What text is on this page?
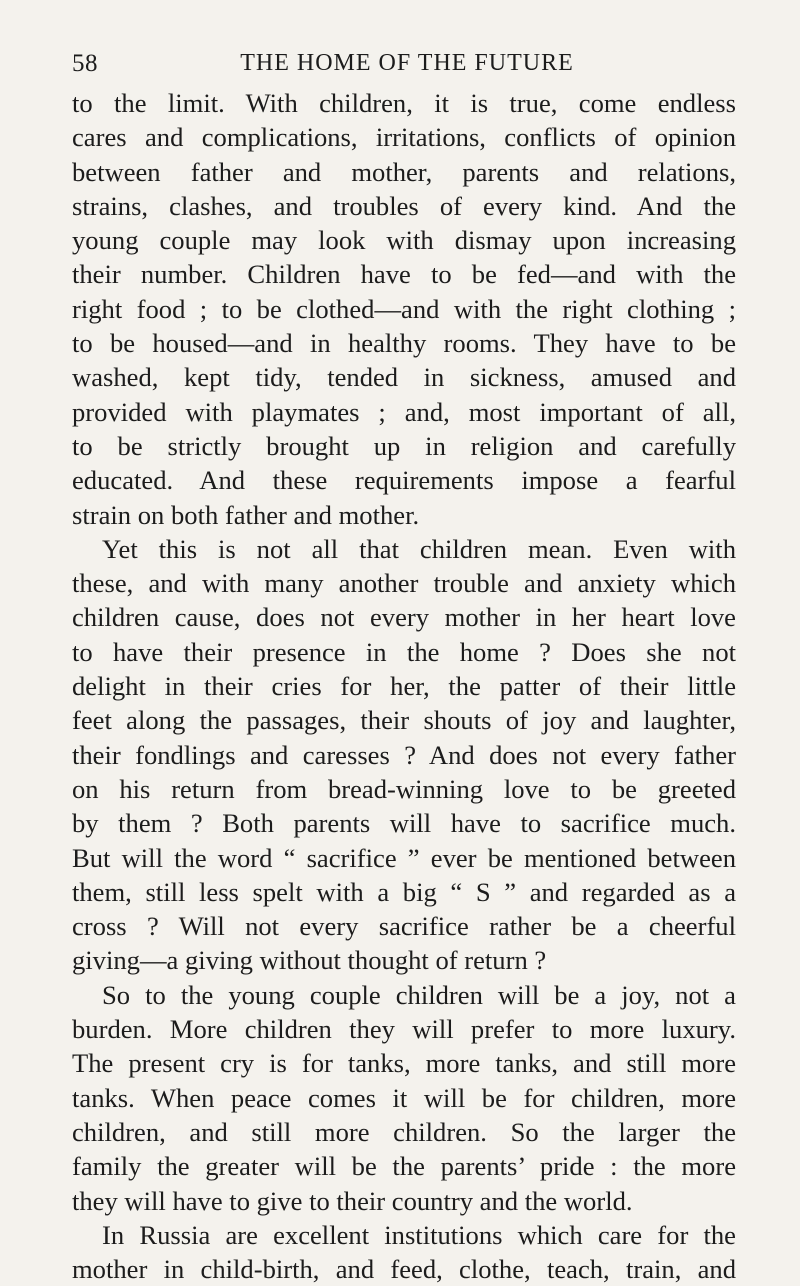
58	THE HOME OF THE FUTURE
to the limit. With children, it is true, come endless
cares and complications, irritations, conflicts of opinion
between father and mother, parents and relations,
strains, clashes, and troubles of every kind. And the
young couple may look with dismay upon increasing
their number. Children have to be fed—and with the
right food ; to be clothed—and with the right clothing ;
to be housed—and in healthy rooms. They have to be
washed, kept tidy, tended in sickness, amused and
provided with playmates ; and, most important of all,
to be strictly brought up in religion and carefully
educated. And these requirements impose a fearful
strain on both father and mother.
Yet this is not all that children mean. Even with
these, and with many another trouble and anxiety which
children cause, does not every mother in her heart love
to have their presence in the home ? Does she not
delight in their cries for her, the patter of their little
feet along the passages, their shouts of joy and laughter,
their fondlings and caresses ? And does not every father
on his return from bread-winning love to be greeted
by them ? Both parents will have to sacrifice much.
But will the word “ sacrifice ” ever be mentioned between
them, still less spelt with a big “ S ” and regarded as a
cross ? Will not every sacrifice rather be a cheerful
giving—a giving without thought of return ?
So to the young couple children will be a joy, not a
burden. More children they will prefer to more luxury.
The present cry is for tanks, more tanks, and still more
tanks. When peace comes it will be for children, more
children, and still more children. So the larger the
family the greater will be the parents’ pride : the more
they will have to give to their country and the world.
In Russia are excellent institutions which care for the
mother in child-birth, and feed, clothe, teach, train, and
